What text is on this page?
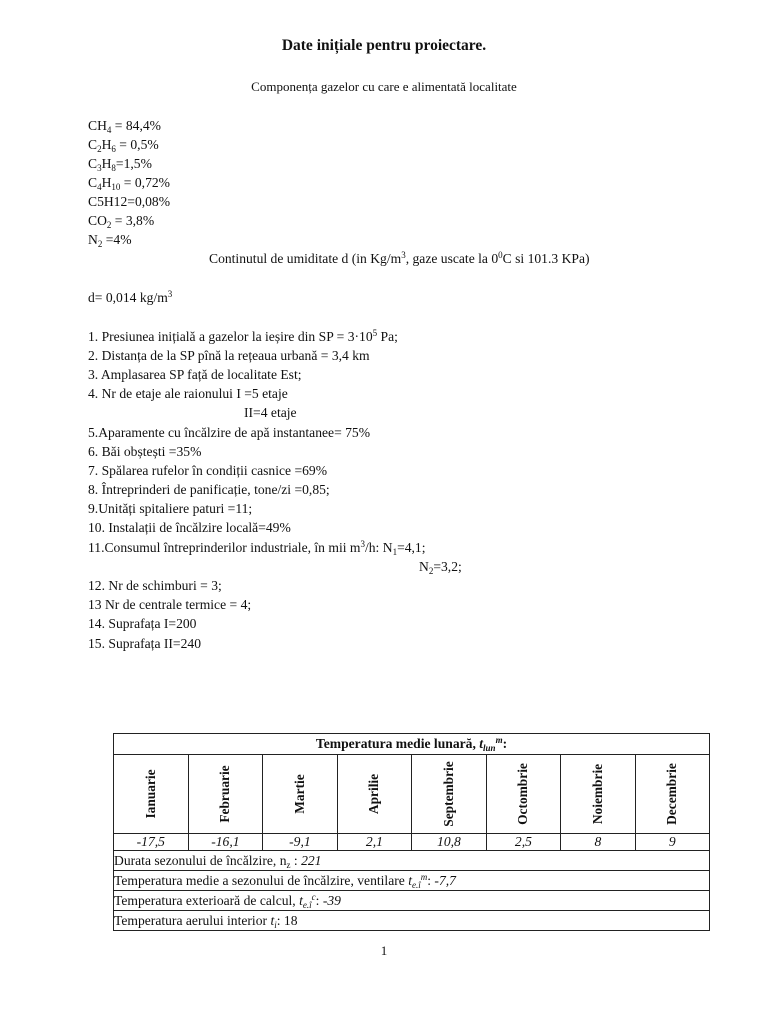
Date inițiale pentru proiectare.
Componența gazelor cu care e alimentată localitate
$CH_4 = 84,4\%$
$C_2H_6 = 0,5\%$
$C_3H_8=1,5\%$
$C_4H_{10} = 0,72\%$
C5H12=0,08%
$CO_2 = 3,8\%$
$N_2 =4\%$
Continutul de umiditate d (in $Kg/m^3$, gaze uscate la $0^0C$ si 101.3 KPa)
d= 0,014 $kg/m^3$
1. Presiunea inițială a gazelor la ieșire din SP = $3\cdot 10^5$ Pa;
2. Distanța de la SP pînă la rețeaua urbană = 3,4 km
3. Amplasarea SP față de localitate Est;
4. Nr de etaje ale raionului I =5 etaje
II=4 etaje
5.Aparamente cu încălzire de apă instantanee= 75%
6. Băi obștești =35%
7. Spălarea rufelor în condiții casnice =69%
8. Întreprinderi de panificație, tone/zi =0,85;
9.Unități spitaliere paturi =11;
10. Instalații de încălzire locală=49%
11.Consumul întreprinderilor industriale, în mii $m^3/h$: $N_1=4,1$;
$N_2=3,2$;
12. Nr de schimburi = 3;
13 Nr de centrale termice = 4;
14. Suprafața I=200
15. Suprafața II=240
Temperatura medie lunară, $t_{lun}^m$:							

Ianuarie	Februarie	Martie	Aprilie	Septembrie	Octombrie	Noiembrie	Decembrie

-17,5	-16,1	-9,1	2,1	10,8	2,5	8	9
Durata sezonului de încălzire, $n_z$ : 221							
Temperatura medie a sezonului de încălzire, ventilare $t_{e.î}^m$: -7,7							
Temperatura exterioară de calcul, $t_{e.î}^c$: -39							
Temperatura aerului interior $t_i$: 18							
1
